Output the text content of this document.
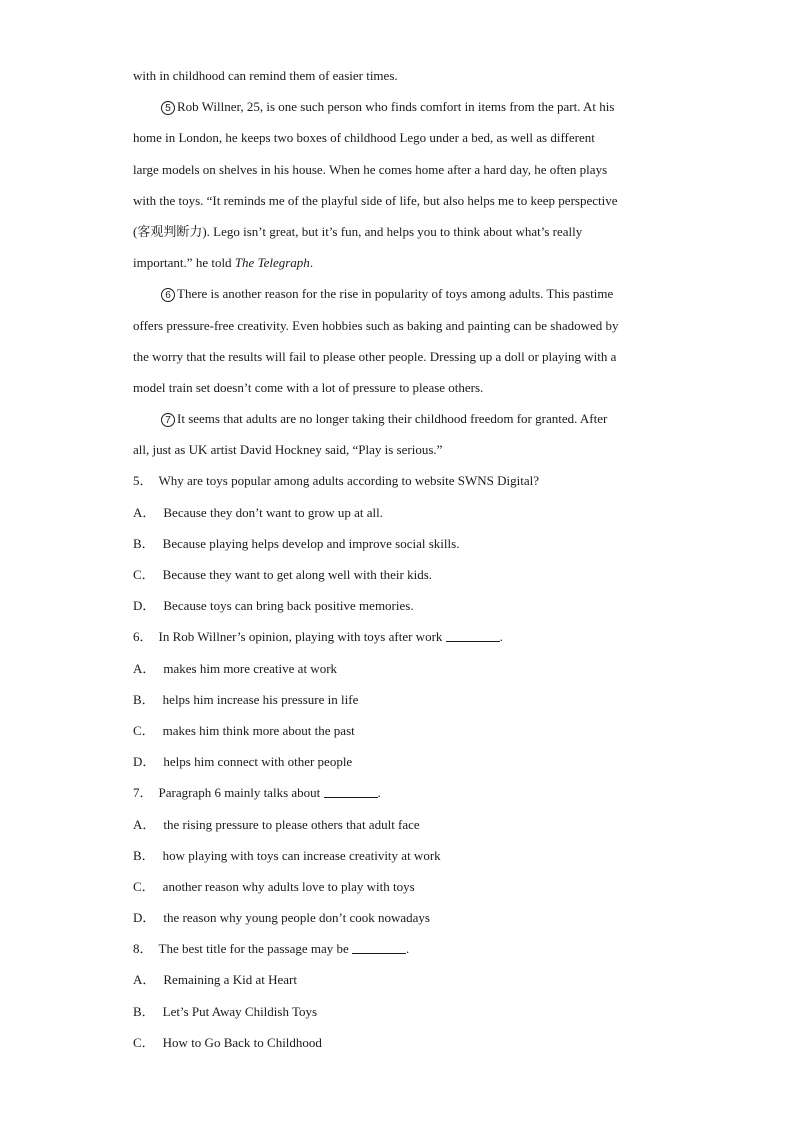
with in childhood can remind them of easier times.
5 Rob Willner, 25, is one such person who finds comfort in items from the part. At his
home in London, he keeps two boxes of childhood Lego under a bed, as well as different
large models on shelves in his house. When he comes home after a hard day, he often plays
with the toys. “It reminds me of the playful side of life, but also helps me to keep perspective
(客观判断力). Lego isn’t great, but it’s fun, and helps you to think about what’s really
important.” he told The Telegraph.
6 There is another reason for the rise in popularity of toys among adults. This pastime
offers pressure-free creativity. Even hobbies such as baking and painting can be shadowed by
the worry that the results will fail to please other people. Dressing up a doll or playing with a
model train set doesn’t come with a lot of pressure to please others.
7 It seems that adults are no longer taking their childhood freedom for granted. After
all, just as UK artist David Hockney said, “Play is serious.”
5． Why are toys popular among adults according to website SWNS Digital?
A． Because they don’t want to grow up at all.
B． Because playing helps develop and improve social skills.
C． Because they want to get along well with their kids.
D． Because toys can bring back positive memories.
6． In Rob Willner’s opinion, playing with toys after work	.
A． makes him more creative at work
B． helps him increase his pressure in life
C． makes him think more about the past
D． helps him connect with other people
7． Paragraph 6 mainly talks about	.
A． the rising pressure to please others that adult face
B． how playing with toys can increase creativity at work
C． another reason why adults love to play with toys
D． the reason why young people don’t cook nowadays
8． The best title for the passage may be	.
A． Remaining a Kid at Heart
B． Let’s Put Away Childish Toys
C． How to Go Back to Childhood
